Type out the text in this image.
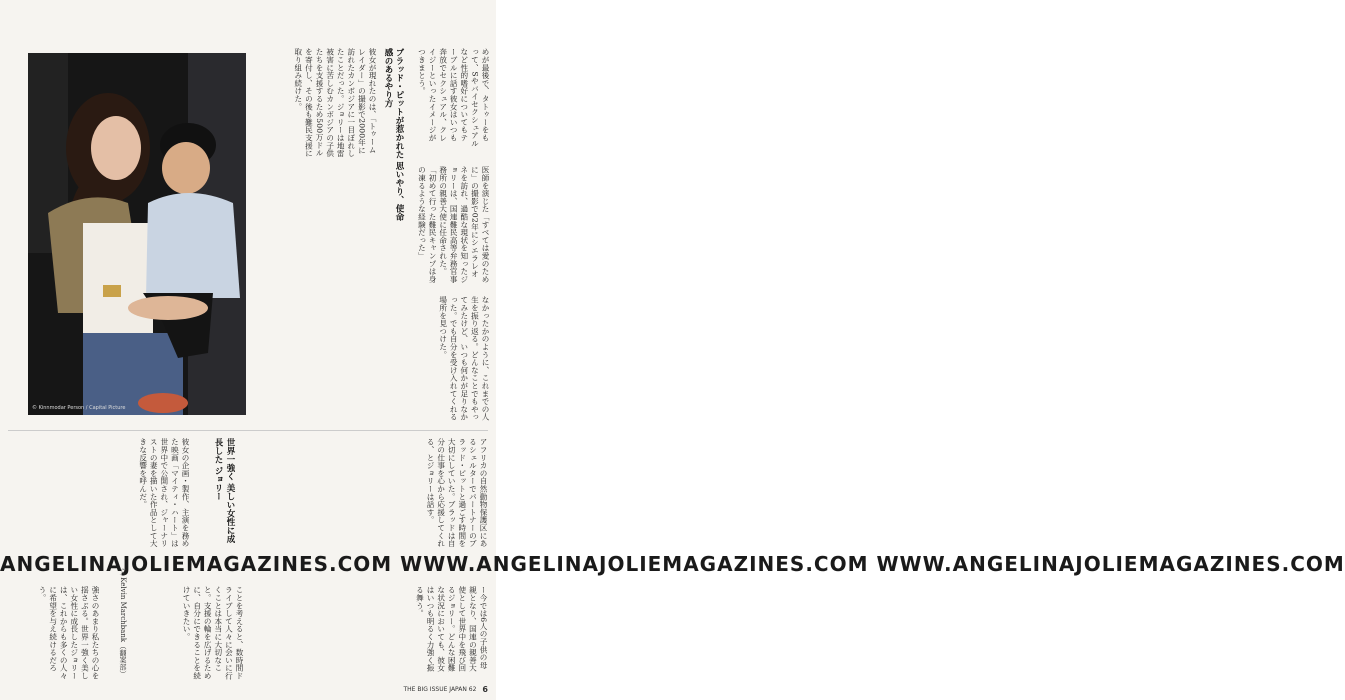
© Kinnmodar Person / Capital Picture
めが最後で、タトゥーをもって、Sやバイセクシュアルなど性的嗜好についてもテーブルに話す彼女はいつも奔放でセクシュアル、クレイジーといったイメージがつきまとう。
ブラッド・ピットが惹かれた 思いやり、使命感のあるやり方
彼女が現れたのは、「トゥームレイダー」の撮影で2000年に訪れたカンボジアに一目ぼれしたことだった。ジョリーは地雷被害に苦しむカンボジアの子供たちを支援するため500万ドルを寄付し、その後も難民支援に取り組み続けた。
医師を演じた「すべては愛のために」の撮影で02年にシエラレオネを訪れ、過酷な現状を知ったジョリーは、国連難民高等弁務官事務所の親善大使に任命された。「初めて行った難民キャンプは身の凍るような経験だった」
なかったかのように、これまでの人生を振り返る。どんなことでもやってみたけど、いつも何かが足りなかった。でも自分を受け入れてくれる場所を見つけた。
アフリカの自然動物保護区にあるシェルターでパートナーのブラッド・ピットと過ごす時間を大切にしていた。ブラッドは自分の仕事を心から応援してくれる、とジョリーは話す。
世界一強く 美しい女性に成長した ジョリー
彼女の企画・製作、主演を務めた映画「マイティ・ハート」は世界中で公開され、ジャーナリストの妻を描いた作品として大きな反響を呼んだ。
ANGELINAJOLIEMAGAZINES.COM WWW.ANGELINAJOLIEMAGAZINES.COM WWW.ANGELINAJOLIEMAGAZINES.COM
ー今では6人の子供の母親となり、国連の親善大使として世界中を飛び回るジョリー。どんな困難な状況においても、彼女はいつも明るく力強く振る舞う。
ことを考えると、数時間ドライブして人々に会いに行くことは本当に大切なこと。支援の輪を広げるために、自分にできることを続けていきたい。
強さのあまり私たちの心を揺さぶる。世界一強く美しい女性に成長したジョリーは、これからも多くの人々に希望を与え続けるだろう。	文 Kelvin Marchbank（翻案部）
THE BIG ISSUE JAPAN 62 6
